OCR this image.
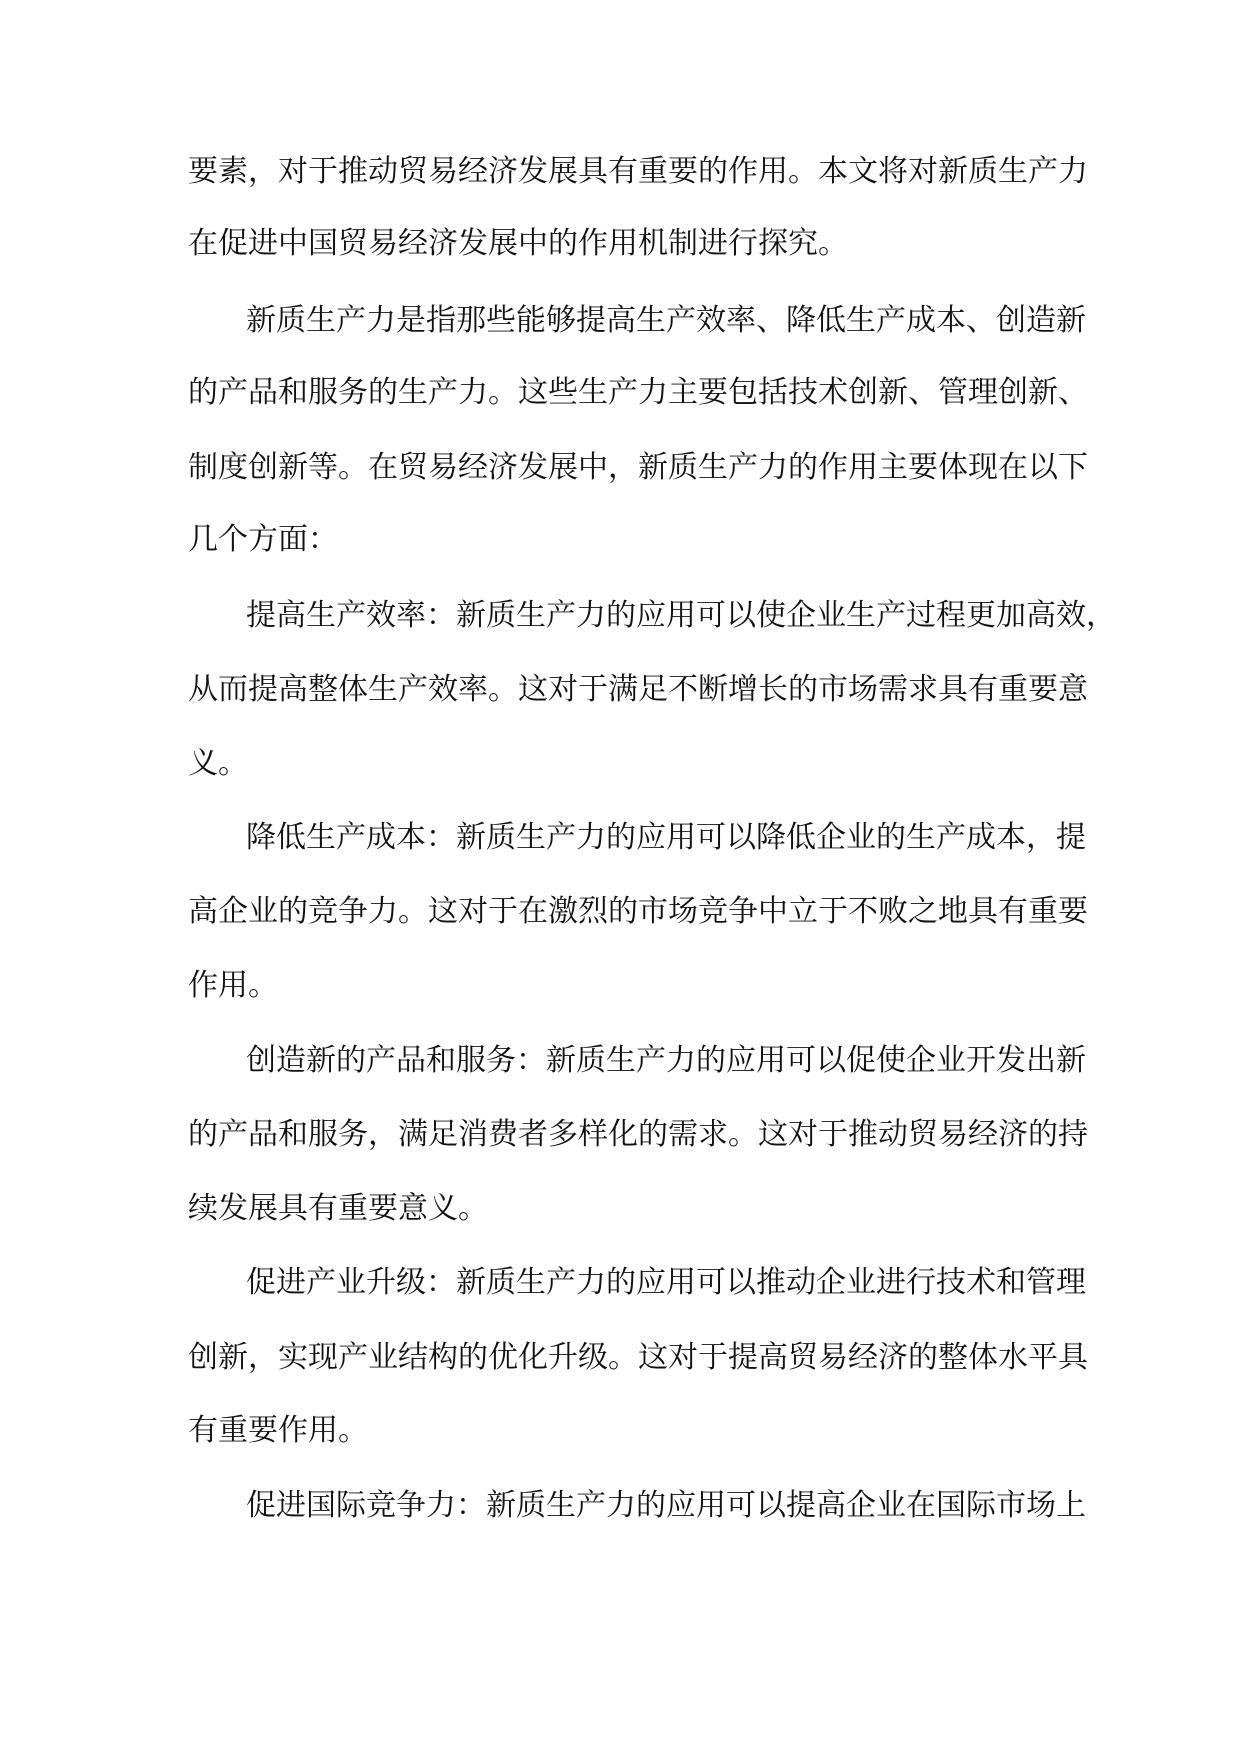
要素，对于推动贸易经济发展具有重要的作用。本文将对新质生产力
在促进中国贸易经济发展中的作用机制进行探究。
新质生产力是指那些能够提高生产效率、降低生产成本、创造新
的产品和服务的生产力。这些生产力主要包括技术创新、管理创新、
制度创新等。在贸易经济发展中，新质生产力的作用主要体现在以下
几个方面：
提高生产效率：新质生产力的应用可以使企业生产过程更加高效，
从而提高整体生产效率。这对于满足不断增长的市场需求具有重要意
义。
降低生产成本：新质生产力的应用可以降低企业的生产成本，提
高企业的竞争力。这对于在激烈的市场竞争中立于不败之地具有重要
作用。
创造新的产品和服务：新质生产力的应用可以促使企业开发出新
的产品和服务，满足消费者多样化的需求。这对于推动贸易经济的持
续发展具有重要意义。
促进产业升级：新质生产力的应用可以推动企业进行技术和管理
创新，实现产业结构的优化升级。这对于提高贸易经济的整体水平具
有重要作用。
促进国际竞争力：新质生产力的应用可以提高企业在国际市场上
